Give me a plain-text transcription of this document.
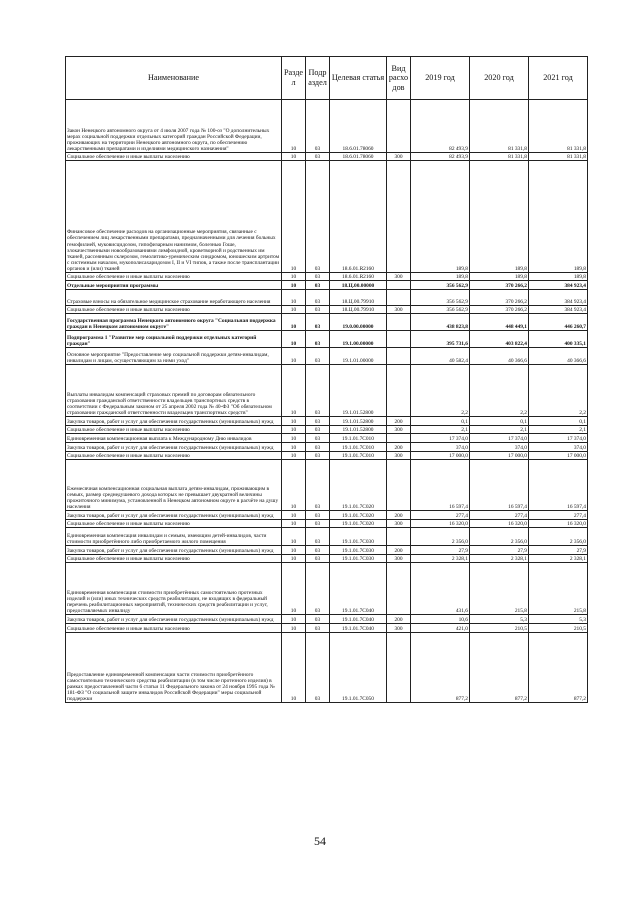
Наименование	Разде л	Подр аздел	Целевая статья	Вид расхо дов	2019 год	2020 год	2021 год
Закон Ненецкого автономного округа от 4 июля 2007 года № 100-оз "О дополнительных мерах социальной поддержки отдельных категорий граждан Российской Федерации, проживающих на территории Ненецкого автономного округа, по обеспечению лекарственными препаратами и изделиями медицинского назначения"	10	03	18.6.01.78060		82 493,9	81 331,8	81 331,8
Социальное обеспечение и иные выплаты населению	10	03	18.6.01.78060	300	82 493,9	81 331,8	81 331,8
Финансовое обеспечение расходов на организационные мероприятия, связанные с обеспечением лиц лекарственными препаратами, предназначенными для лечения больных гемофилией, муковисцидозом, гипофизарным нанизмом, болезнью Гоше, злокачественными новообразованиями лимфоидной, кроветворной и родственных им тканей, рассеянным склерозом, гемолитико-уремическим синдромом, юношеским артритом с системным началом, мукополисахаридозом I, II и VI типов, а также после трансплантации органов и (или) тканей	10	03	18.6.01.R2160		189,8	189,8	189,8
Социальное обеспечение и иные выплаты населению	10	03	18.6.01.R2160	300	189,8	189,8	189,8
Отдельные мероприятия программы	10	03	18.Ц.00.00000		356 562,9	370 266,2	384 923,4
Страховые взносы на обязательное медицинское страхование неработающего населения	10	03	18.Ц.00.79910		356 562,9	370 266,2	384 923,4
Социальное обеспечение и иные выплаты населению	10	03	18.Ц.00.79910	300	356 562,9	370 266,2	384 923,4
Государственная программа Ненецкого автономного округа "Социальная поддержка граждан в Ненецком автономном округе"	10	03	19.0.00.00000		438 823,8	448 449,1	446 260,7
Подпрограмма 1 "Развитие мер социальной поддержки отдельных категорий граждан"	10	03	19.1.00.00000		395 731,6	403 822,4	400 335,1
Основное мероприятие "Предоставление мер социальной поддержки детям-инвалидам, инвалидам и лицам, осуществляющим за ними уход"	10	03	19.1.01.00000		40 582,4	40 366,6	40 366,6
Выплаты инвалидам компенсаций страховых премий по договорам обязательного страхования гражданской ответственности владельцев транспортных средств в соответствии с Федеральным законом от 25 апреля 2002 года № 40-ФЗ "Об обязательном страховании гражданской ответственности владельцев транспортных средств"	10	03	19.1.01.52800		2,2	2,2	2,2
Закупка товаров, работ и услуг для обеспечения государственных (муниципальных) нужд	10	03	19.1.01.52800	200	0,1	0,1	0,1
Социальное обеспечение и иные выплаты населению	10	03	19.1.01.52800	300	2,1	2,1	2,1
Единовременная компенсационная выплата к Международному Дню инвалидов	10	03	19.1.01.7С010		17 374,0	17 374,0	17 374,0
Закупка товаров, работ и услуг для обеспечения государственных (муниципальных) нужд	10	03	19.1.01.7С010	200	374,0	374,0	374,0
Социальное обеспечение и иные выплаты населению	10	03	19.1.01.7С010	300	17 000,0	17 000,0	17 000,0
Ежемесячная компенсационная социальная выплата детям-инвалидам, проживающим в семьях, размер среднедушевого дохода которых не превышает двукратной величины прожиточного минимума, установленной в Ненецком автономном округе в расчёте на душу населения	10	03	19.1.01.7С020		16 597,4	16 597,4	16 597,4
Закупка товаров, работ и услуг для обеспечения государственных (муниципальных) нужд	10	03	19.1.01.7С020	200	277,4	277,4	277,4
Социальное обеспечение и иные выплаты населению	10	03	19.1.01.7С020	300	16 320,0	16 320,0	16 320,0
Единовременная компенсация инвалидам и семьям, имеющим детей-инвалидов, части стоимости приобретённого либо приобретаемого жилого помещения	10	03	19.1.01.7С030		2 356,0	2 356,0	2 356,0
Закупка товаров, работ и услуг для обеспечения государственных (муниципальных) нужд	10	03	19.1.01.7С030	200	27,9	27,9	27,9
Социальное обеспечение и иные выплаты населению	10	03	19.1.01.7С030	300	2 328,1	2 328,1	2 328,1
Единовременная компенсация стоимости приобретённых самостоятельно протезных изделий и (или) иных технических средств реабилитации, не входящих в федеральный перечень реабилитационных мероприятий, технических средств реабилитации и услуг, предоставляемых инвалиду	10	03	19.1.01.7С040		431,6	215,8	215,8
Закупка товаров, работ и услуг для обеспечения государственных (муниципальных) нужд	10	03	19.1.01.7С040	200	10,6	5,3	5,3
Социальное обеспечение и иные выплаты населению	10	03	19.1.01.7С040	300	421,0	210,5	210,5
Предоставление единовременной компенсации части стоимости приобретённого самостоятельно технического средства реабилитации (в том числе протезного изделия) в рамках предоставленной части 6 статьи 11 Федерального закона от 24 ноября 1995 года № 181-ФЗ "О социальной защите инвалидов Российской Федерации" меры социальной поддержки	10	03	19.1.01.7С050		877,2	877,2	877,2
54
